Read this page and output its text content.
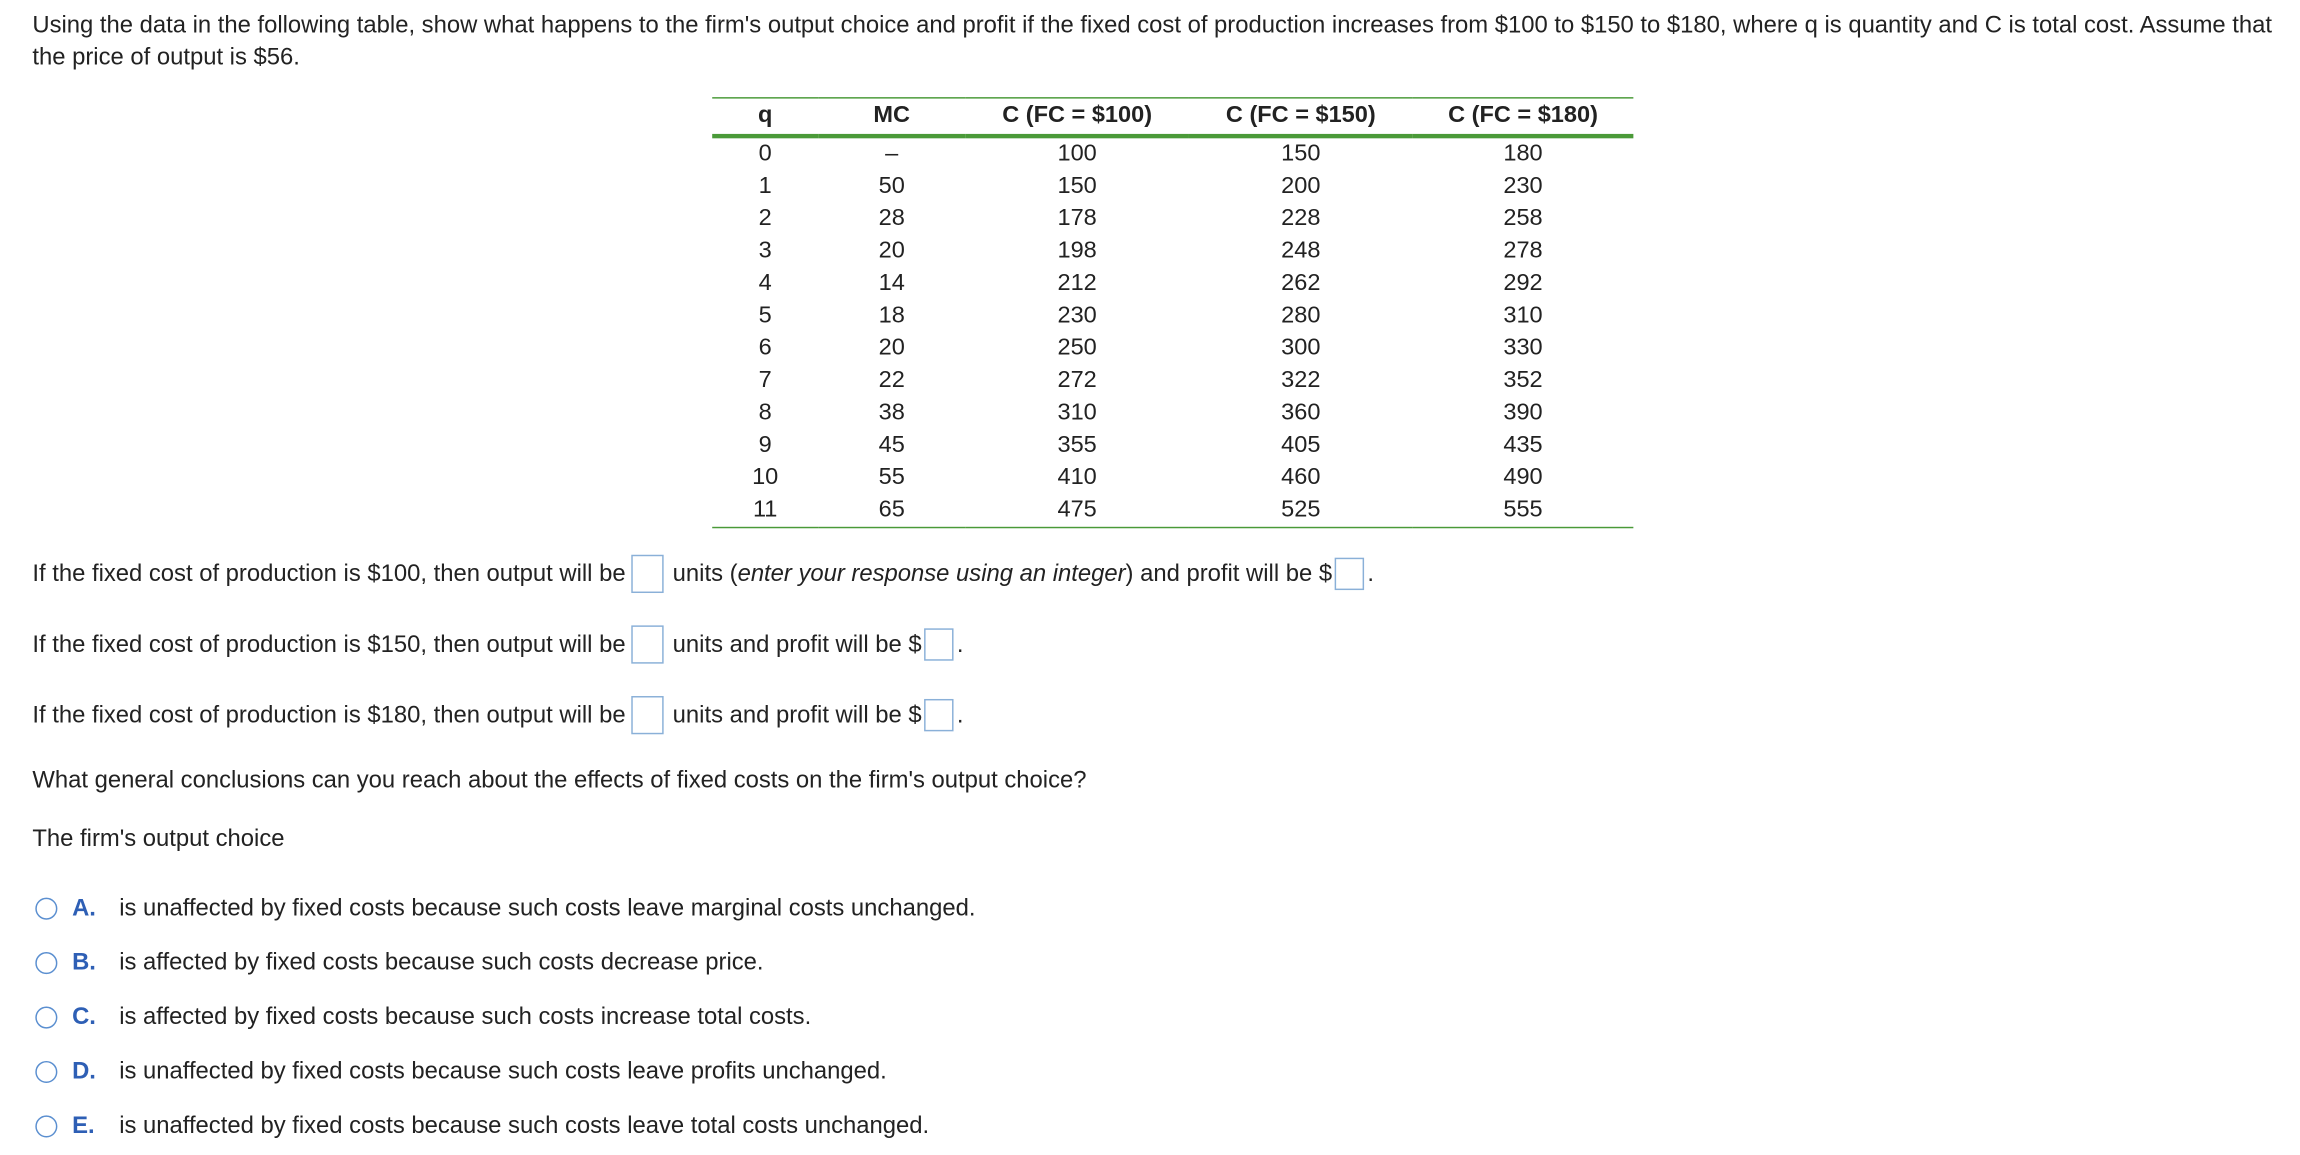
Using the data in the following table, show what happens to the firm's output choice and profit if the fixed cost of production increases from $100 to $150 to $180, where q is quantity and C is total cost. Assume that the price of output is $56.
q	MC	C (FC = $100)	C (FC = $150)	C (FC = $180)
0	–	100	150	180
1	50	150	200	230
2	28	178	228	258
3	20	198	248	278
4	14	212	262	292
5	18	230	280	310
6	20	250	300	330
7	22	272	322	352
8	38	310	360	390
9	45	355	405	435
10	55	410	460	490
11	65	475	525	555
If the fixed cost of production is $100, then output will be	units ( enter your response using an integer ) and profit will be $ .
If the fixed cost of production is $150, then output will be	units and profit will be $ .
If the fixed cost of production is $180, then output will be	units and profit will be $ .
What general conclusions can you reach about the effects of fixed costs on the firm's output choice?
The firm's output choice
A.	is unaffected by fixed costs because such costs leave marginal costs unchanged.
B.	is affected by fixed costs because such costs decrease price.
C.	is affected by fixed costs because such costs increase total costs.
D.	is unaffected by fixed costs because such costs leave profits unchanged.
E.	is unaffected by fixed costs because such costs leave total costs unchanged.
